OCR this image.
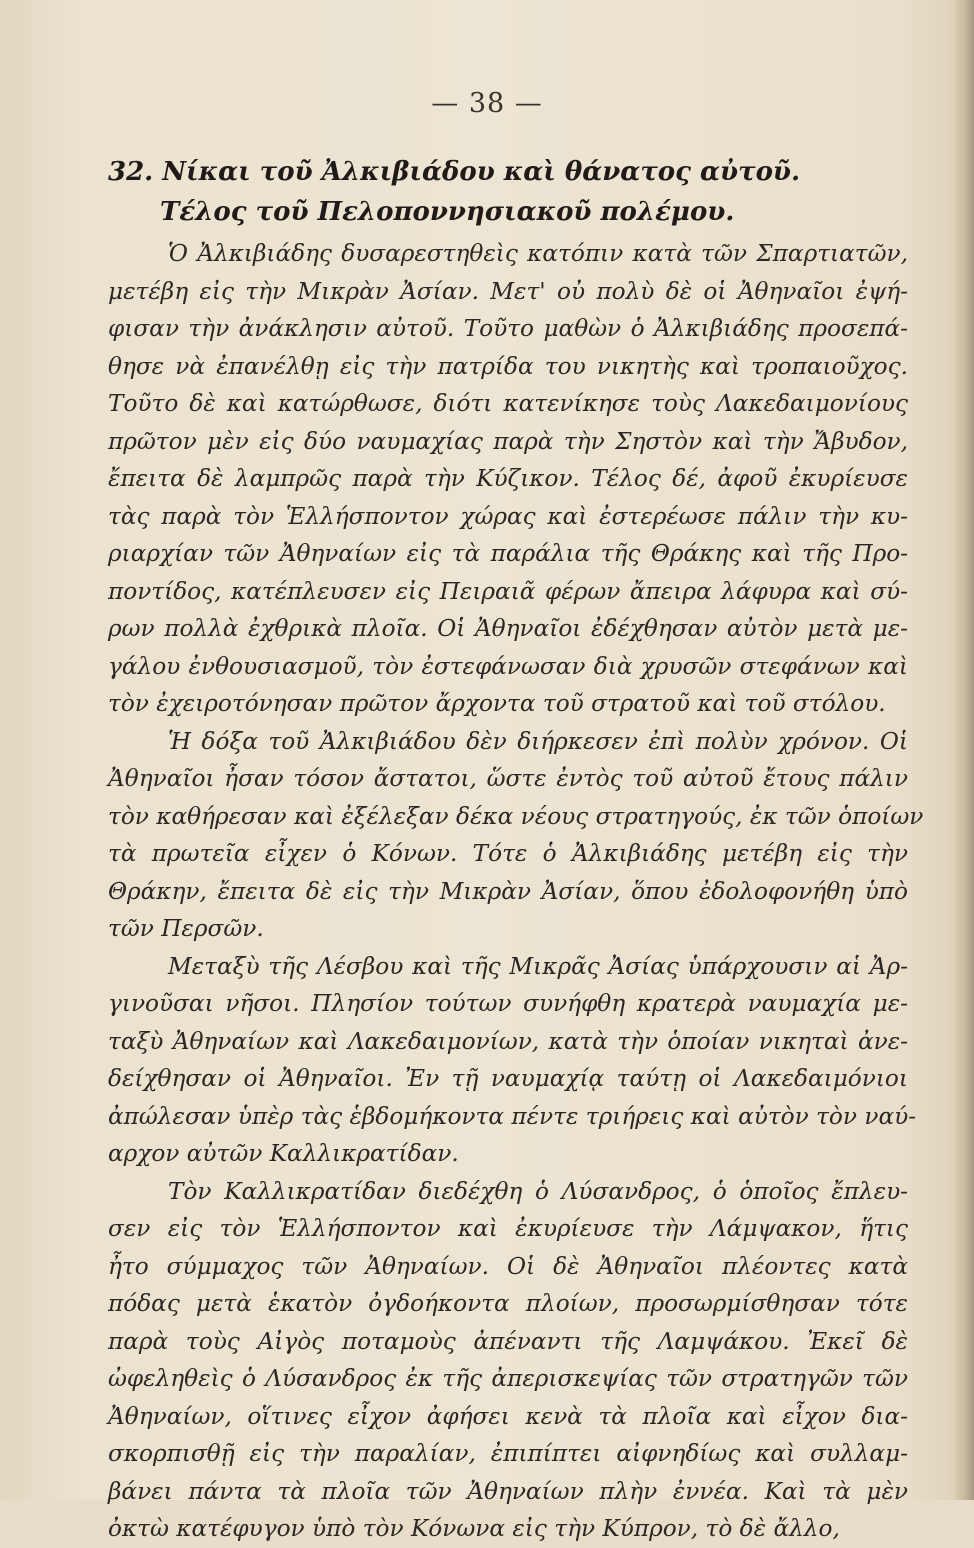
— 38 —
32. Νίκαι τοῦ Ἀλκιβιάδου καὶ θάνατος αὐτοῦ.
Τέλος τοῦ Πελοποννησιακοῦ πολέμου.
Ὁ Ἀλκιβιάδης δυσαρεστηθεὶς κατόπιν κατὰ τῶν Σπαρτιατῶν,
μετέβη εἰς τὴν Μικρὰν Ἀσίαν. Μετ' οὐ πολὺ δὲ οἱ Ἀθηναῖοι ἐψή-
φισαν τὴν ἀνάκλησιν αὐτοῦ. Τοῦτο μαθὼν ὁ Ἀλκιβιάδης προσεπά-
θησε νὰ ἐπανέλθῃ εἰς τὴν πατρίδα του νικητὴς καὶ τροπαιοῦχος.
Τοῦτο δὲ καὶ κατώρθωσε, διότι κατενίκησε τοὺς Λακεδαιμονίους
πρῶτον μὲν εἰς δύο ναυμαχίας παρὰ τὴν Σηστὸν καὶ τὴν Ἄβυδον,
ἔπειτα δὲ λαμπρῶς παρὰ τὴν Κύζικον. Τέλος δέ, ἀφοῦ ἐκυρίευσε
τὰς παρὰ τὸν Ἑλλήσποντον χώρας καὶ ἐστερέωσε πάλιν τὴν κυ-
ριαρχίαν τῶν Ἀθηναίων εἰς τὰ παράλια τῆς Θράκης καὶ τῆς Προ-
ποντίδος, κατέπλευσεν εἰς Πειραιᾶ φέρων ἄπειρα λάφυρα καὶ σύ-
ρων πολλὰ ἐχθρικὰ πλοῖα. Οἱ Ἀθηναῖοι ἐδέχθησαν αὐτὸν μετὰ με-
γάλου ἐνθουσιασμοῦ, τὸν ἐστεφάνωσαν διὰ χρυσῶν στεφάνων καὶ
τὸν ἐχειροτόνησαν πρῶτον ἄρχοντα τοῦ στρατοῦ καὶ τοῦ στόλου.
Ἡ δόξα τοῦ Ἀλκιβιάδου δὲν διήρκεσεν ἐπὶ πολὺν χρόνον. Οἱ
Ἀθηναῖοι ἦσαν τόσον ἄστατοι, ὥστε ἐντὸς τοῦ αὐτοῦ ἔτους πάλιν
τὸν καθήρεσαν καὶ ἐξέλεξαν δέκα νέους στρατηγούς, ἐκ τῶν ὁποίων
τὰ πρωτεῖα εἶχεν ὁ Κόνων. Τότε ὁ Ἀλκιβιάδης μετέβη εἰς τὴν
Θράκην, ἔπειτα δὲ εἰς τὴν Μικρὰν Ἀσίαν, ὅπου ἐδολοφονήθη ὑπὸ
τῶν Περσῶν.
Μεταξὺ τῆς Λέσβου καὶ τῆς Μικρᾶς Ἀσίας ὑπάρχουσιν αἱ Ἀρ-
γινοῦσαι νῆσοι. Πλησίον τούτων συνήφθη κρατερὰ ναυμαχία με-
ταξὺ Ἀθηναίων καὶ Λακεδαιμονίων, κατὰ τὴν ὁποίαν νικηταὶ ἀνε-
δείχθησαν οἱ Ἀθηναῖοι. Ἐν τῇ ναυμαχίᾳ ταύτῃ οἱ Λακεδαιμόνιοι
ἀπώλεσαν ὑπὲρ τὰς ἑβδομήκοντα πέντε τριήρεις καὶ αὐτὸν τὸν ναύ-
αρχον αὐτῶν Καλλικρατίδαν.
Τὸν Καλλικρατίδαν διεδέχθη ὁ Λύσανδρος, ὁ ὁποῖος ἔπλευ-
σεν εἰς τὸν Ἑλλήσποντον καὶ ἐκυρίευσε τὴν Λάμψακον, ἥτις
ἦτο σύμμαχος τῶν Ἀθηναίων. Οἱ δὲ Ἀθηναῖοι πλέοντες κατὰ
πόδας μετὰ ἑκατὸν ὀγδοήκοντα πλοίων, προσωρμίσθησαν τότε
παρὰ τοὺς Αἰγὸς ποταμοὺς ἀπέναντι τῆς Λαμψάκου. Ἐκεῖ δὲ
ὠφεληθεὶς ὁ Λύσανδρος ἐκ τῆς ἀπερισκεψίας τῶν στρατηγῶν τῶν
Ἀθηναίων, οἵτινες εἶχον ἀφήσει κενὰ τὰ πλοῖα καὶ εἶχον δια-
σκορπισθῇ εἰς τὴν παραλίαν, ἐπιπίπτει αἰφνηδίως καὶ συλλαμ-
βάνει πάντα τὰ πλοῖα τῶν Ἀθηναίων πλὴν ἐννέα. Καὶ τὰ μὲν
ὀκτὼ κατέφυγον ὑπὸ τὸν Κόνωνα εἰς τὴν Κύπρον, τὸ δὲ ἄλλο,
